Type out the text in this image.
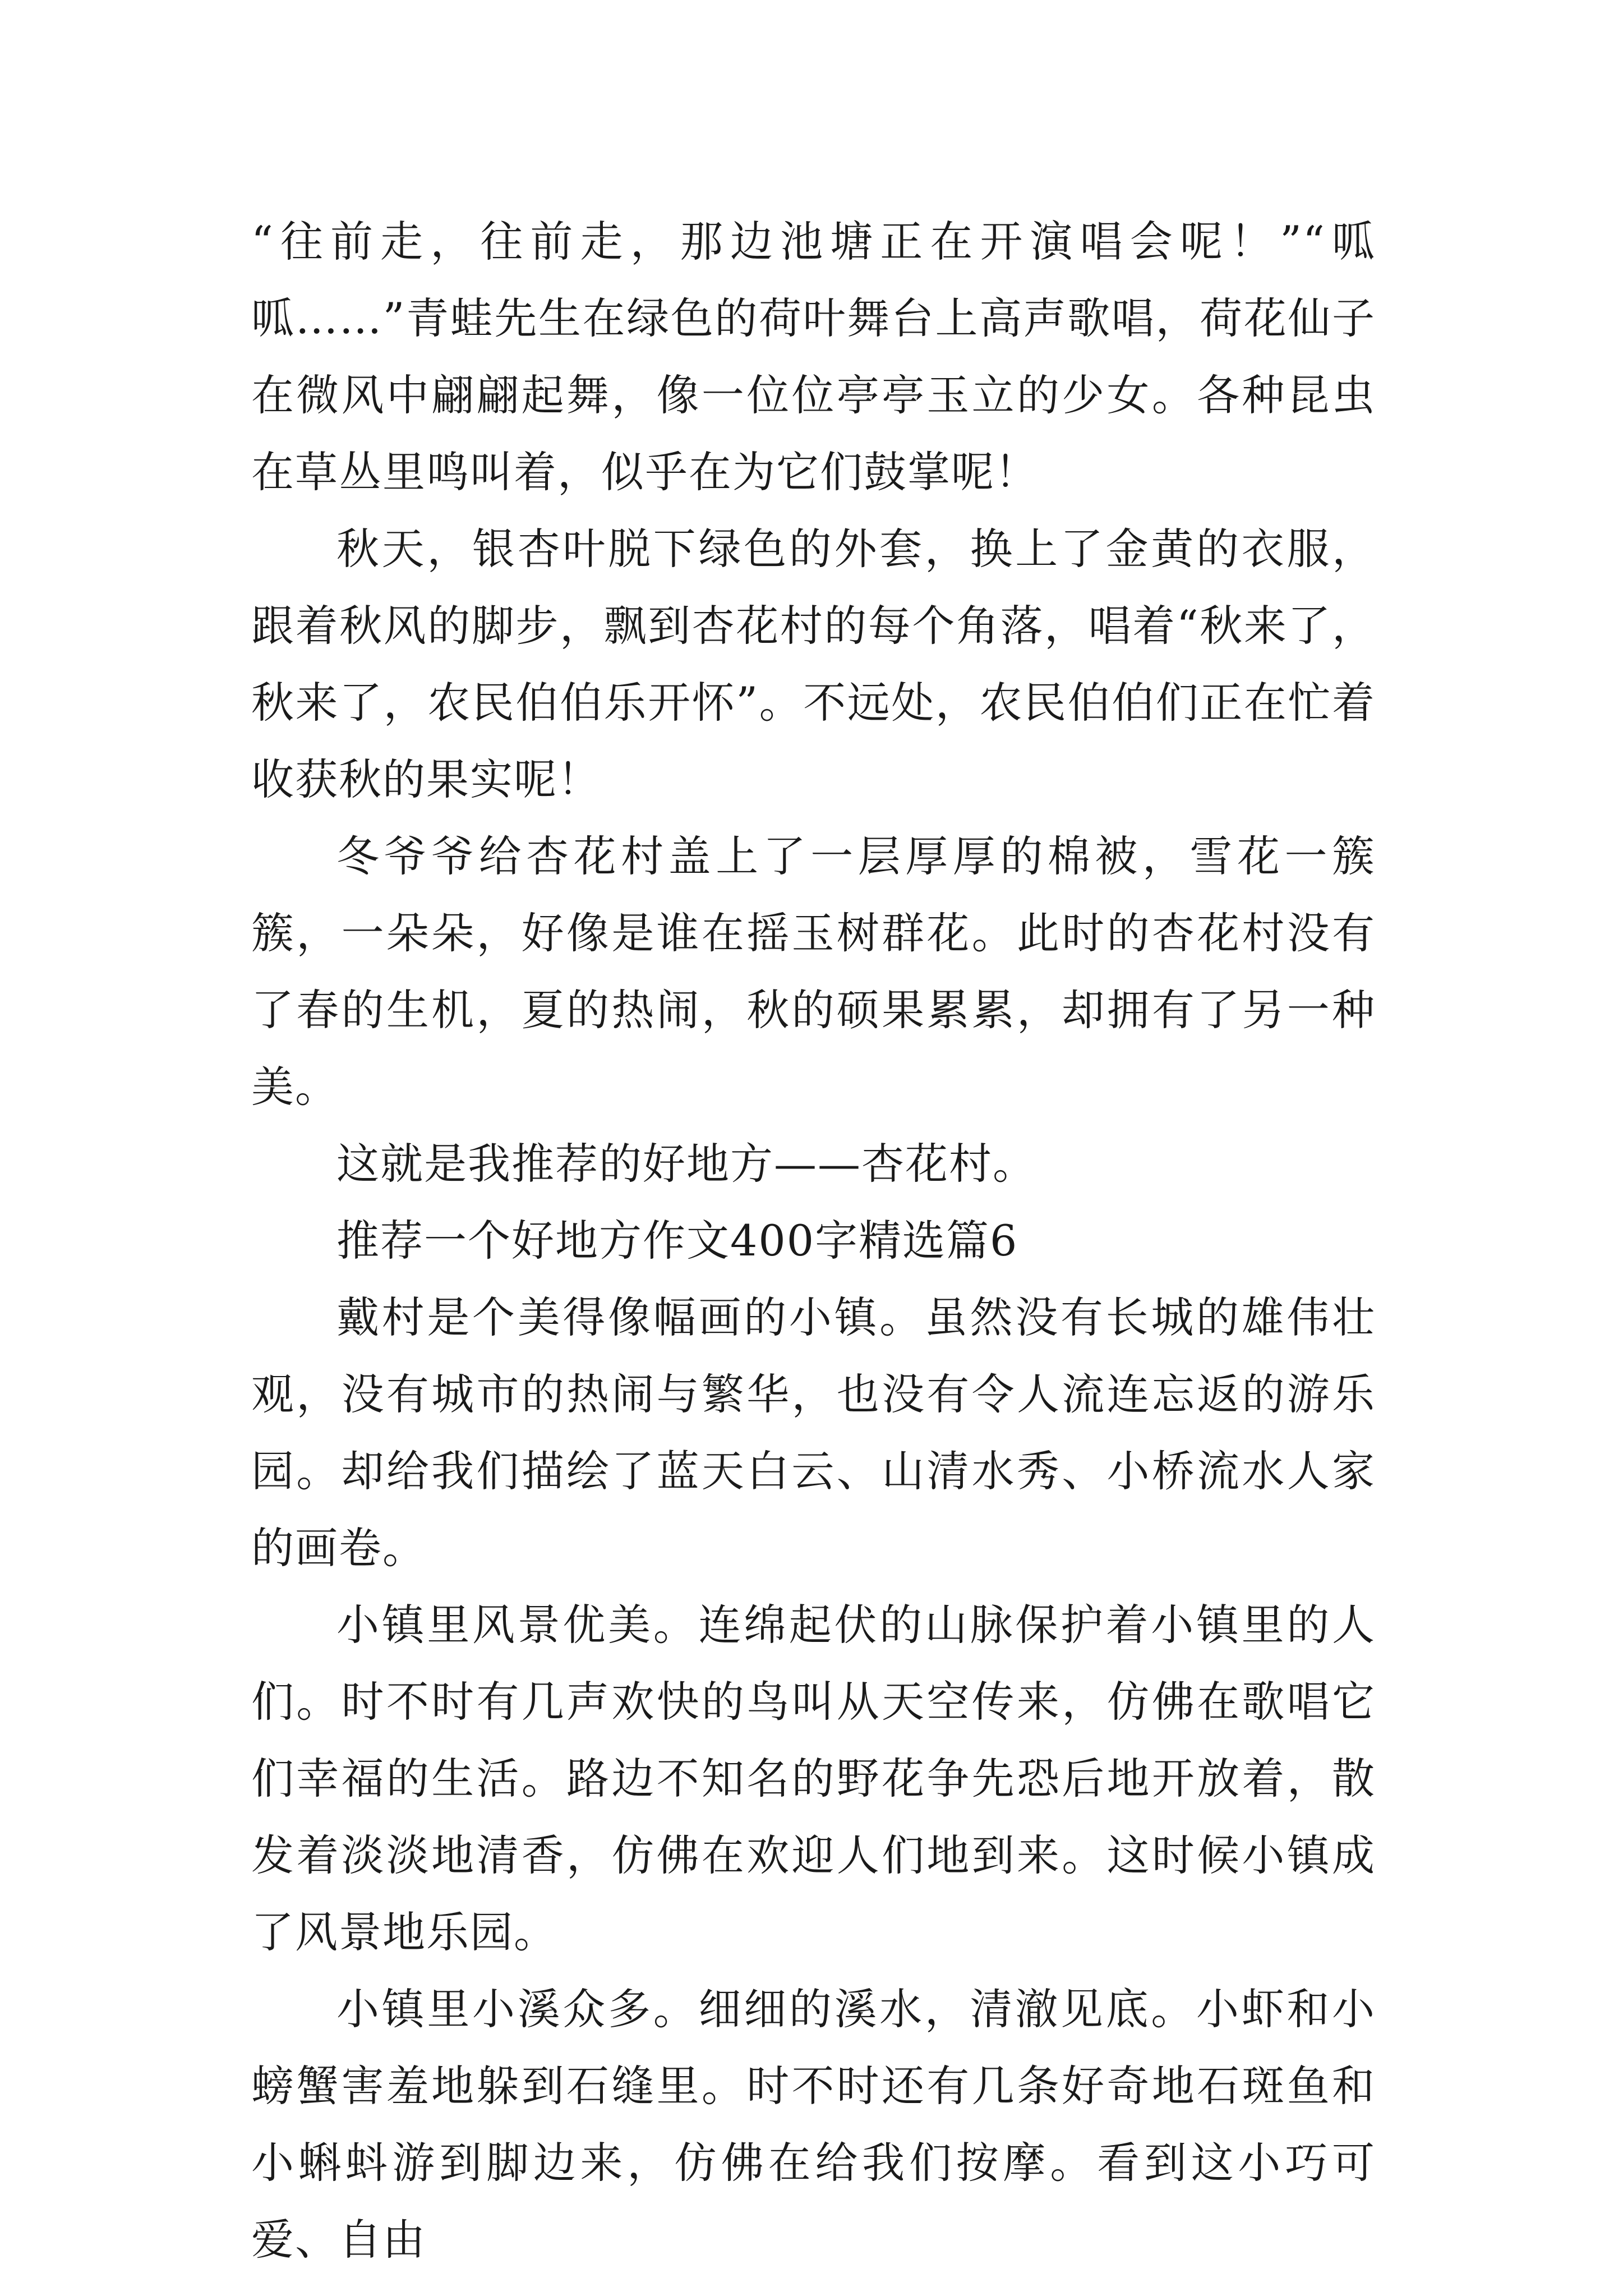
“往前走，往前走，那边池塘正在开演唱会呢！”“呱呱……”青蛙先生在绿色的荷叶舞台上高声歌唱，荷花仙子在微风中翩翩起舞，像一位位亭亭玉立的少女。各种昆虫在草丛里鸣叫着，似乎在为它们鼓掌呢！

秋天，银杏叶脱下绿色的外套，换上了金黄的衣服，跟着秋风的脚步，飘到杏花村的每个角落，唱着“秋来了，秋来了，农民伯伯乐开怀”。不远处，农民伯伯们正在忙着收获秋的果实呢！

冬爷爷给杏花村盖上了一层厚厚的棉被，雪花一簇簇，一朵朵，好像是谁在摇玉树群花。此时的杏花村没有了春的生机，夏的热闹，秋的硕果累累，却拥有了另一种美。

这就是我推荐的好地方——杏花村。

推荐一个好地方作文400字精选篇6

戴村是个美得像幅画的小镇。虽然没有长城的雄伟壮观，没有城市的热闹与繁华，也没有令人流连忘返的游乐园。却给我们描绘了蓝天白云、山清水秀、小桥流水人家的画卷。

小镇里风景优美。连绵起伏的山脉保护着小镇里的人们。时不时有几声欢快的鸟叫从天空传来，仿佛在歌唱它们幸福的生活。路边不知名的野花争先恐后地开放着，散发着淡淡地清香，仿佛在欢迎人们地到来。这时候小镇成了风景地乐园。

小镇里小溪众多。细细的溪水，清澈见底。小虾和小螃蟹害羞地躲到石缝里。时不时还有几条好奇地石斑鱼和小蝌蚪游到脚边来，仿佛在给我们按摩。看到这小巧可爱、自由
